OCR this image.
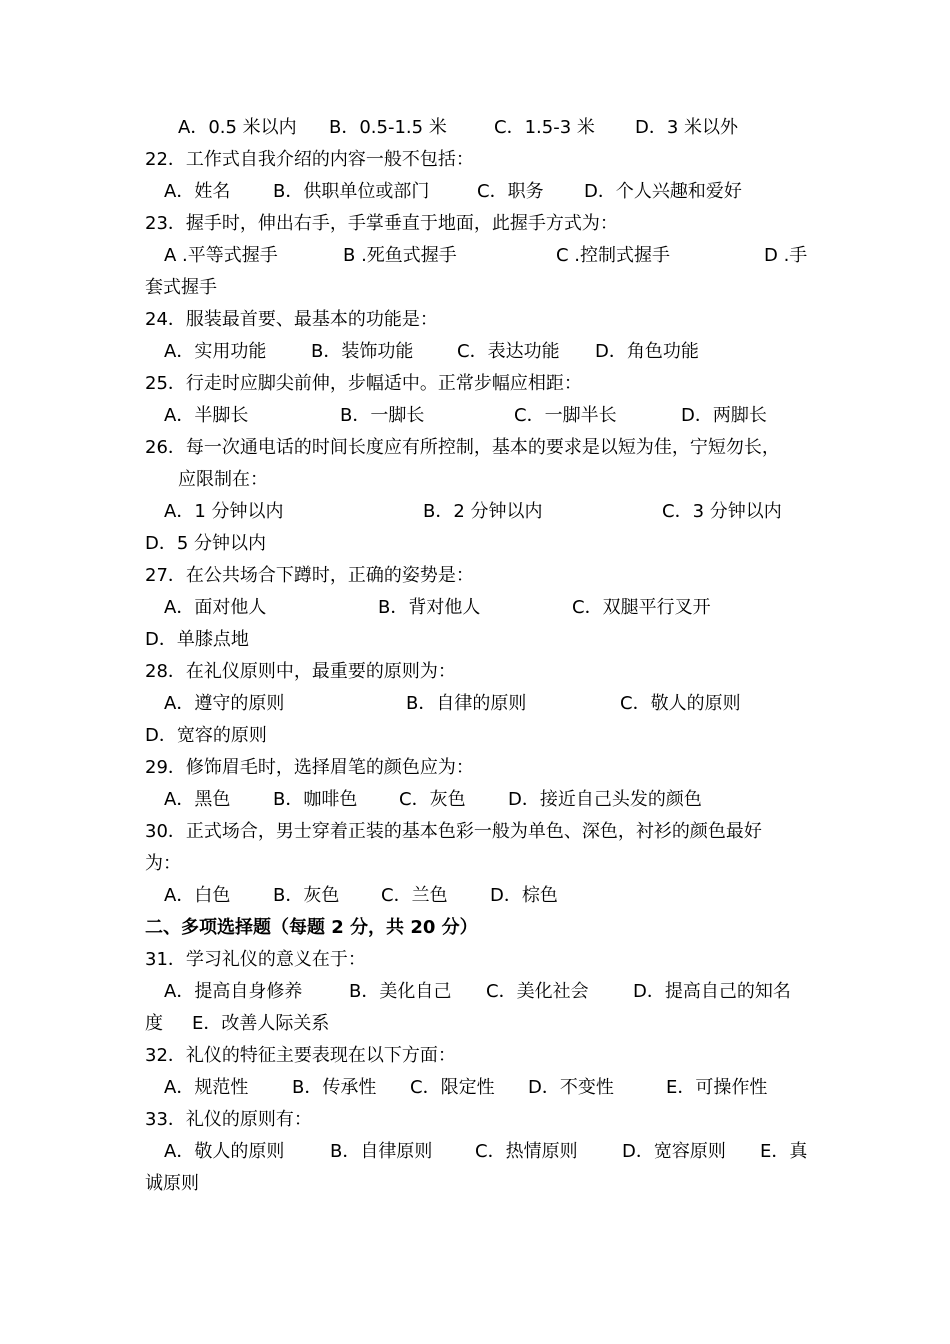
A．0.5 米以内 B．0.5-1.5 米	C．1.5-3 米 D．3 米以外
22．工作式自我介绍的内容一般不包括：
A．姓名 B．供职单位或部门	C．职务 D．个人兴趣和爱好
23．握手时，伸出右手，手掌垂直于地面，此握手方式为：
A .平等式握手	B .死鱼式握手	C .控制式握手	D .手
套式握手
24．服装最首要、最基本的功能是：
A．实用功能 B．装饰功能 C．表达功能 D．角色功能
25．行走时应脚尖前伸，步幅适中。正常步幅应相距：
A．半脚长	B．一脚长	C．一脚半长	D．两脚长
26．每一次通电话的时间长度应有所控制，基本的要求是以短为佳，宁短勿长，
应限制在：
A．1 分钟以内	B．2 分钟以内	C．3 分钟以内
D．5 分钟以内
27．在公共场合下蹲时，正确的姿势是：
A．面对他人	B．背对他人	C．双腿平行叉开
D．单膝点地
28．在礼仪原则中，最重要的原则为：
A．遵守的原则	B．自律的原则	C．敬人的原则
D．宽容的原则
29．修饰眉毛时，选择眉笔的颜色应为：
A．黑色 B．咖啡色 C．灰色 D．接近自己头发的颜色
30．正式场合，男士穿着正装的基本色彩一般为单色、深色，衬衫的颜色最好
为：
A．白色 B．灰色 C．兰色 D．棕色
二、多项选择题（每题 2 分，共 20 分）
31．学习礼仪的意义在于：
A．提高自身修养	B．美化自己 C．美化社会 D．提高自己的知名
度 E．改善人际关系
32．礼仪的特征主要表现在以下方面：
A．规范性 B．传承性 C．限定性 D．不变性	E．可操作性
33．礼仪的原则有：
A．敬人的原则	B．自律原则 C．热情原则 D．宽容原则 E．真
诚原则
